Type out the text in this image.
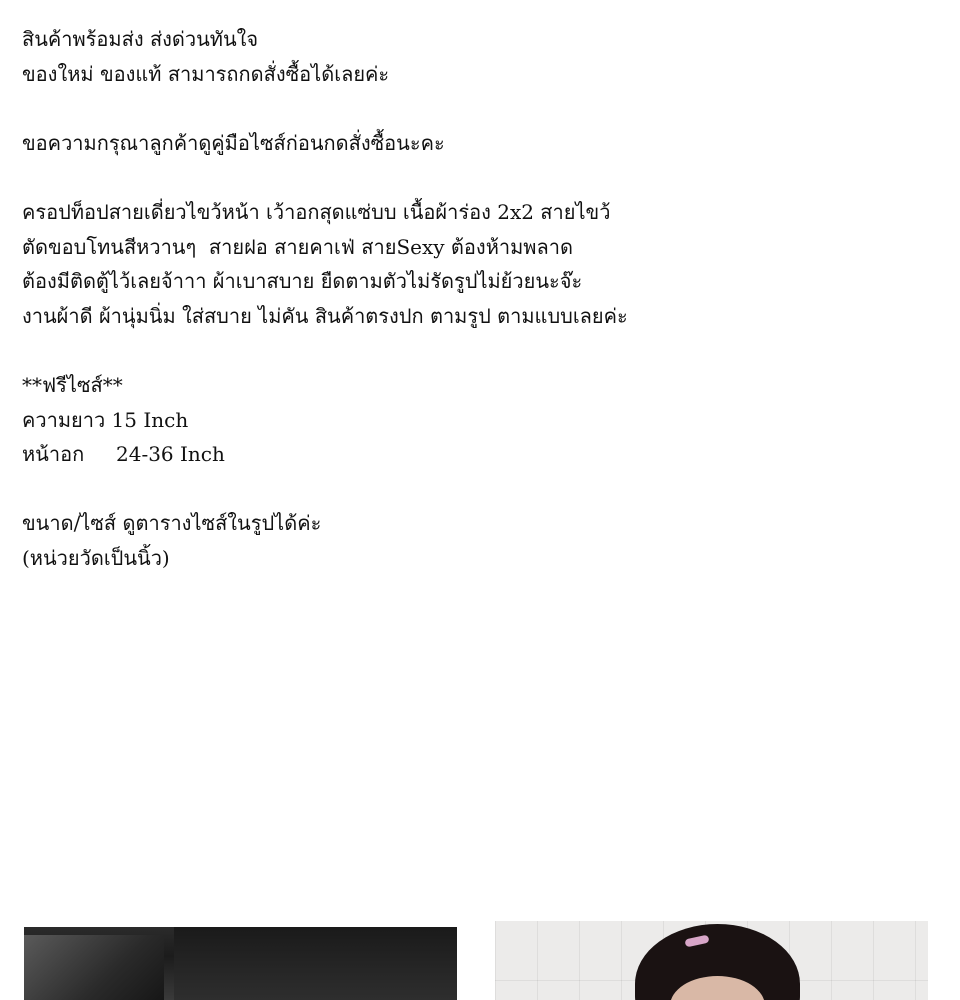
สินค้าพร้อมส่ง ส่งด่วนทันใจ
ของใหม่ ของแท้ สามารถกดสั่งซื้อได้เลยค่ะ
ขอความกรุณาลูกค้าดูคู่มือไซส์ก่อนกดสั่งซื้อนะคะ
ครอปท็อปสายเดี่ยวไขว้หน้า เว้าอกสุดแซ่บบ เนื้อผ้าร่อง 2x2 สายไขว้
ตัดขอบโทนสีหวานๆ  สายฝอ สายคาเฟ่ สายSexy ต้องห้ามพลาด
ต้องมีติดตู้ไว้เลยจ้าาา ผ้าเบาสบาย ยืดตามตัวไม่รัดรูปไม่ย้วยนะจ๊ะ
งานผ้าดี ผ้านุ่มนิ่ม ใส่สบาย ไม่คัน สินค้าตรงปก ตามรูป ตามแบบเลยค่ะ
**ฟรีไซส์**
ความยาว 15 Inch
หน้าอก     24-36 Inch
ขนาด/ไซส์ ดูตารางไซส์ในรูปได้ค่ะ
(หน่วยวัดเป็นนิ้ว)
